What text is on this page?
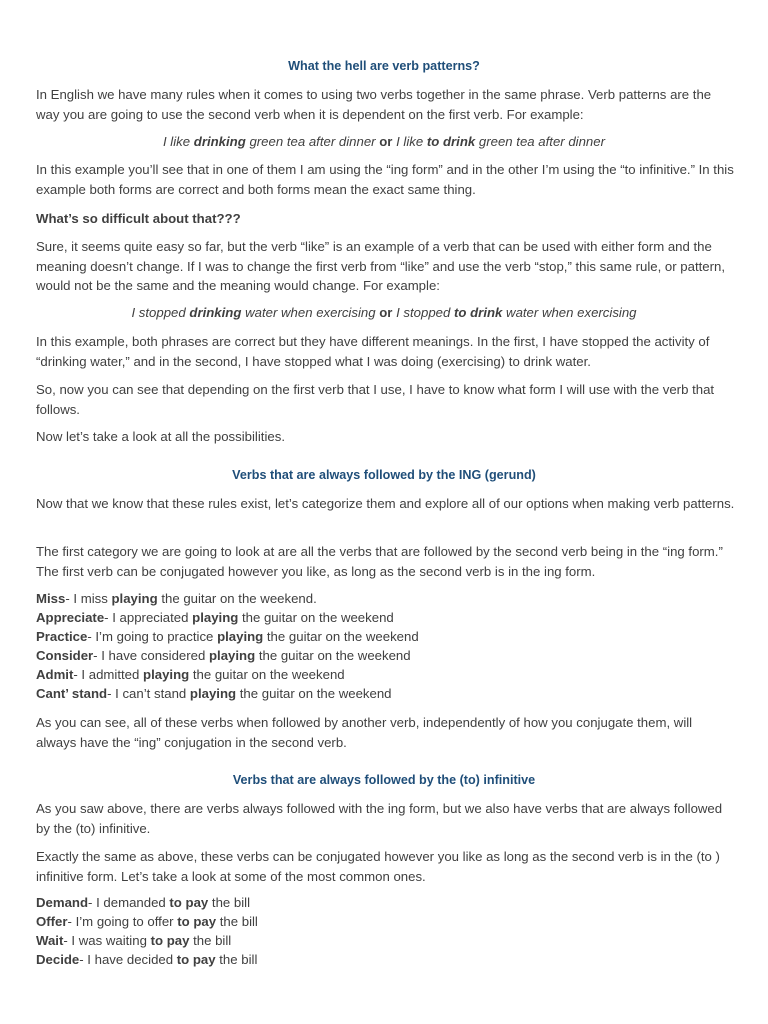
What the hell are verb patterns?

In English we have many rules when it comes to using two verbs together in the same phrase. Verb patterns are the way you are going to use the second verb when it is dependent on the first verb. For example:

I like drinking green tea after dinner or I like to drink green tea after dinner

In this example you’ll see that in one of them I am using the “ing form” and in the other I’m using the “to infinitive.” In this example both forms are correct and both forms mean the exact same thing.

What’s so difficult about that???

Sure, it seems quite easy so far, but the verb “like” is an example of a verb that can be used with either form and the meaning doesn’t change. If I was to change the first verb from “like” and use the verb “stop,” this same rule, or pattern, would not be the same and the meaning would change. For example:

I stopped drinking water when exercising or I stopped to drink water when exercising

In this example, both phrases are correct but they have different meanings. In the first, I have stopped the activity of “drinking water,” and in the second, I have stopped what I was doing (exercising) to drink water.

So, now you can see that depending on the first verb that I use, I have to know what form I will use with the verb that follows.

Now let’s take a look at all the possibilities.

Verbs that are always followed by the ING (gerund)

Now that we know that these rules exist, let’s categorize them and explore all of our options when making verb patterns.

The first category we are going to look at are all the verbs that are followed by the second verb being in the “ing form.” The first verb can be conjugated however you like, as long as the second verb is in the ing form.

Miss- I miss playing the guitar on the weekend.
Appreciate- I appreciated playing the guitar on the weekend
Practice- I’m going to practice playing the guitar on the weekend
Consider- I have considered playing the guitar on the weekend
Admit- I admitted playing the guitar on the weekend
Cant’ stand- I can’t stand playing the guitar on the weekend

As you can see, all of these verbs when followed by another verb, independently of how you conjugate them, will always have the “ing” conjugation in the second verb.

Verbs that are always followed by the (to) infinitive

As you saw above, there are verbs always followed with the ing form, but we also have verbs that are always followed by the (to) infinitive.

Exactly the same as above, these verbs can be conjugated however you like as long as the second verb is in the (to ) infinitive form. Let’s take a look at some of the most common ones.

Demand- I demanded to pay the bill
Offer- I’m going to offer to pay the bill
Wait- I was waiting to pay the bill
Decide- I have decided to pay the bill
